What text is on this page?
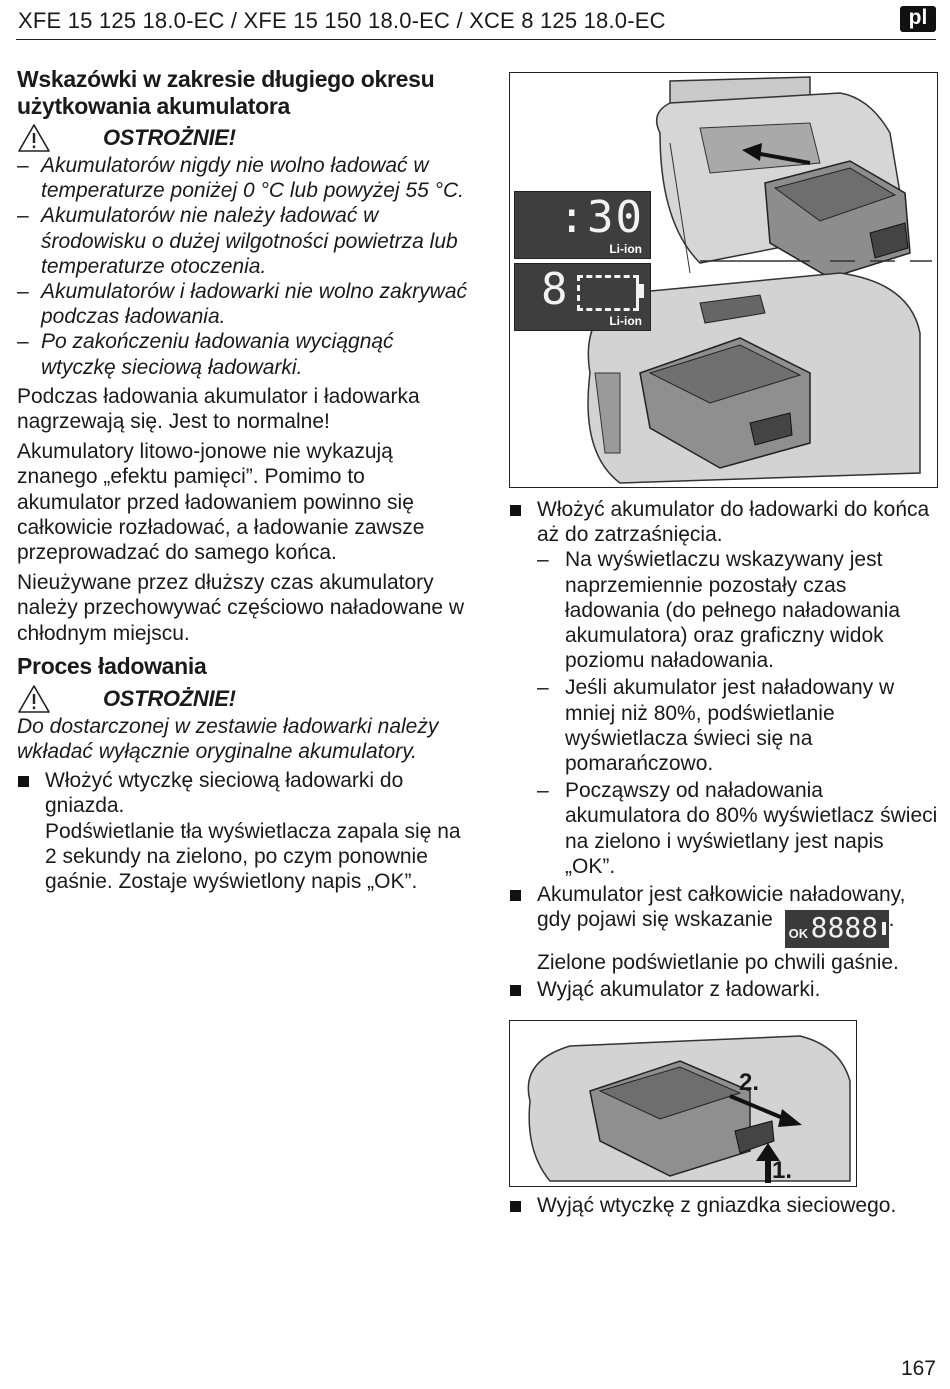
XFE 15 125 18.0-EC / XFE 15 150 18.0-EC / XCE 8 125 18.0-EC	pl
Wskazówki w zakresie długiego okresu użytkowania akumulatora
OSTROŻNIE!
– Akumulatorów nigdy nie wolno ładować w temperaturze poniżej 0 °C lub powyżej 55 °C.
– Akumulatorów nie należy ładować w środowisku o dużej wilgotności powietrza lub temperaturze otoczenia.
– Akumulatorów i ładowarki nie wolno zakrywać podczas ładowania.
– Po zakończeniu ładowania wyciągnąć wtyczkę sieciową ładowarki.

Podczas ładowania akumulator i ładowarka nagrzewają się. Jest to normalne!

Akumulatory litowo-jonowe nie wykazują znanego „efektu pamięci”. Pomimo to akumulator przed ładowaniem powinno się całkowicie rozładować, a ładowanie zawsze przeprowadzać do samego końca.

Nieużywane przez dłuższy czas akumulatory należy przechowywać częściowo naładowane w chłodnym miejscu.

Proces ładowania
OSTROŻNIE!

Do dostarczonej w zestawie ładowarki należy wkładać wyłącznie oryginalne akumulatory.

Włożyć wtyczkę sieciową ładowarki do gniazda.

Podświetlanie tła wyświetlacza zapala się na 2 sekundy na zielono, po czym ponownie gaśnie. Zostaje wyświetlony napis „OK”.

:30
Li-ion
8
Li-ion

Włożyć akumulator do ładowarki do końca aż do zatrzaśnięcia.

– Na wyświetlaczu wskazywany jest naprzemiennie pozostały czas ładowania (do pełnego naładowania akumulatora) oraz graficzny widok poziomu naładowania.

– Jeśli akumulator jest naładowany w mniej niż 80%, podświetlanie wyświetlacza świeci się na pomarańczowo.

– Począwszy od naładowania akumulatora do 80% wyświetlacz świeci na zielono i wyświetlany jest napis „OK”.

Akumulator jest całkowicie naładowany, gdy pojawi się wskazanie
OK 8888 .

Zielone podświetlanie po chwili gaśnie.

Wyjąć akumulator z ładowarki.

2.
1.

Wyjąć wtyczkę z gniazdka sieciowego.

167
